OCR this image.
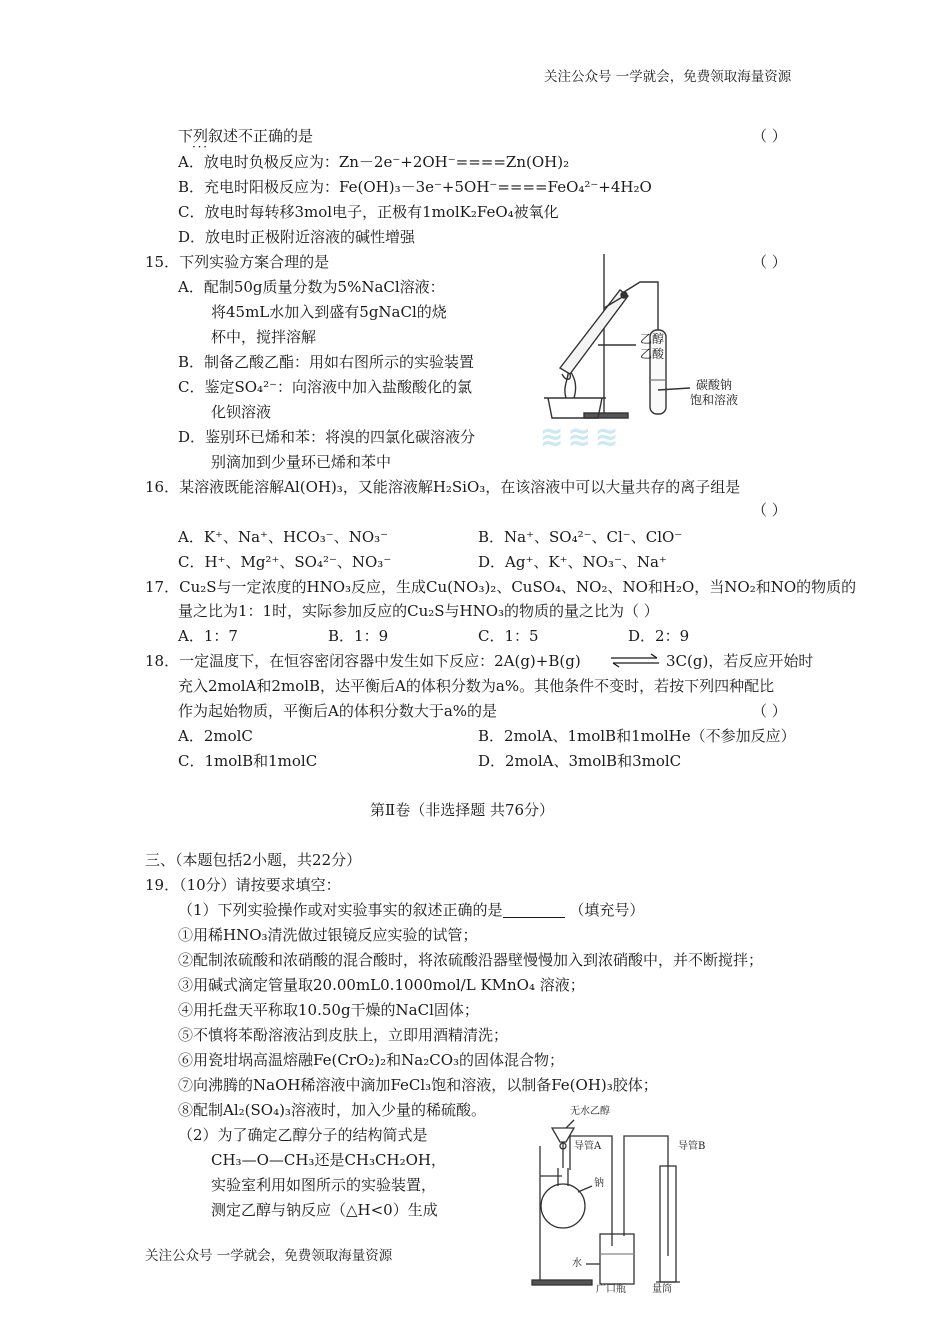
关注公众号 一学就会，免费领取海量资源
关注公众号 一学就会，免费领取海量资源
下列叙述不正确的是 · · ·	（ ）
A．放电时负极反应为：Zn－2e⁻+2OH⁻====Zn(OH)₂
B．充电时阳极反应为：Fe(OH)₃－3e⁻+5OH⁻====FeO₄²⁻+4H₂O
C．放电时每转移3mol电子，正极有1molK₂FeO₄被氧化
D．放电时正极附近溶液的碱性增强
15．下列实验方案合理的是	（ ）
A．配制50g质量分数为5%NaCl溶液：
将45mL水加入到盛有5gNaCl的烧
杯中，搅拌溶解
B．制备乙酸乙酯：用如右图所示的实验装置
C．鉴定SO₄²⁻：向溶液中加入盐酸酸化的氯
化钡溶液
D．鉴别环已烯和苯：将溴的四氯化碳溶液分
别滴加到少量环已烯和苯中
乙醇
乙酸
碳酸钠
饱和溶液
≋≋≋
16．某溶液既能溶解Al(OH)₃，又能溶液解H₂SiO₃，在该溶液中可以大量共存的离子组是
（ ）
A．K⁺、Na⁺、HCO₃⁻、NO₃⁻	B．Na⁺、SO₄²⁻、Cl⁻、ClO⁻
C．H⁺、Mg²⁺、SO₄²⁻、NO₃⁻	D．Ag⁺、K⁺、NO₃⁻、Na⁺
17．Cu₂S与一定浓度的HNO₃反应，生成Cu(NO₃)₂、CuSO₄、NO₂、NO和H₂O，当NO₂和NO的物质的
量之比为1：1时，实际参加反应的Cu₂S与HNO₃的物质的量之比为（ ）
A．1：7	B．1：9	C．1：5	D．2：9
18．一定温度下，在恒容密闭容器中发生如下反应：2A(g)+B(g) ⇌ 3C(g)，若反应开始时
充入2molA和2molB，达平衡后A的体积分数为a%。其他条件不变时，若按下列四种配比
作为起始物质，平衡后A的体积分数大于a%的是	（ ）
A．2molC	B．2molA、1molB和1molHe（不参加反应）
C．1molB和1molC	D．2molA、3molB和3molC
第Ⅱ卷（非选择题 共76分）
三、（本题包括2小题，共22分）
19．（10分）请按要求填空：
（1）下列实验操作或对实验事实的叙述正确的是	（填充号）
①用稀HNO₃清洗做过银镜反应实验的试管；
②配制浓硫酸和浓硝酸的混合酸时，将浓硫酸沿器壁慢慢加入到浓硝酸中，并不断搅拌；
③用碱式滴定管量取20.00mL0.1000mol/L KMnO₄ 溶液；
④用托盘天平称取10.50g干燥的NaCl固体；
⑤不慎将苯酚溶液沾到皮肤上，立即用酒精清洗；
⑥用瓷坩埚高温熔融Fe(CrO₂)₂和Na₂CO₃的固体混合物；
⑦向沸腾的NaOH稀溶液中滴加FeCl₃饱和溶液，以制备Fe(OH)₃胶体；
⑧配制Al₂(SO₄)₃溶液时，加入少量的稀硫酸。
（2）为了确定乙醇分子的结构简式是
CH₃—O—CH₃还是CH₃CH₂OH，
实验室利用如图所示的实验装置，
测定乙醇与钠反应（△H<0）生成
无水乙醇
导管A	导管B
钠
水
广口瓶	量筒
